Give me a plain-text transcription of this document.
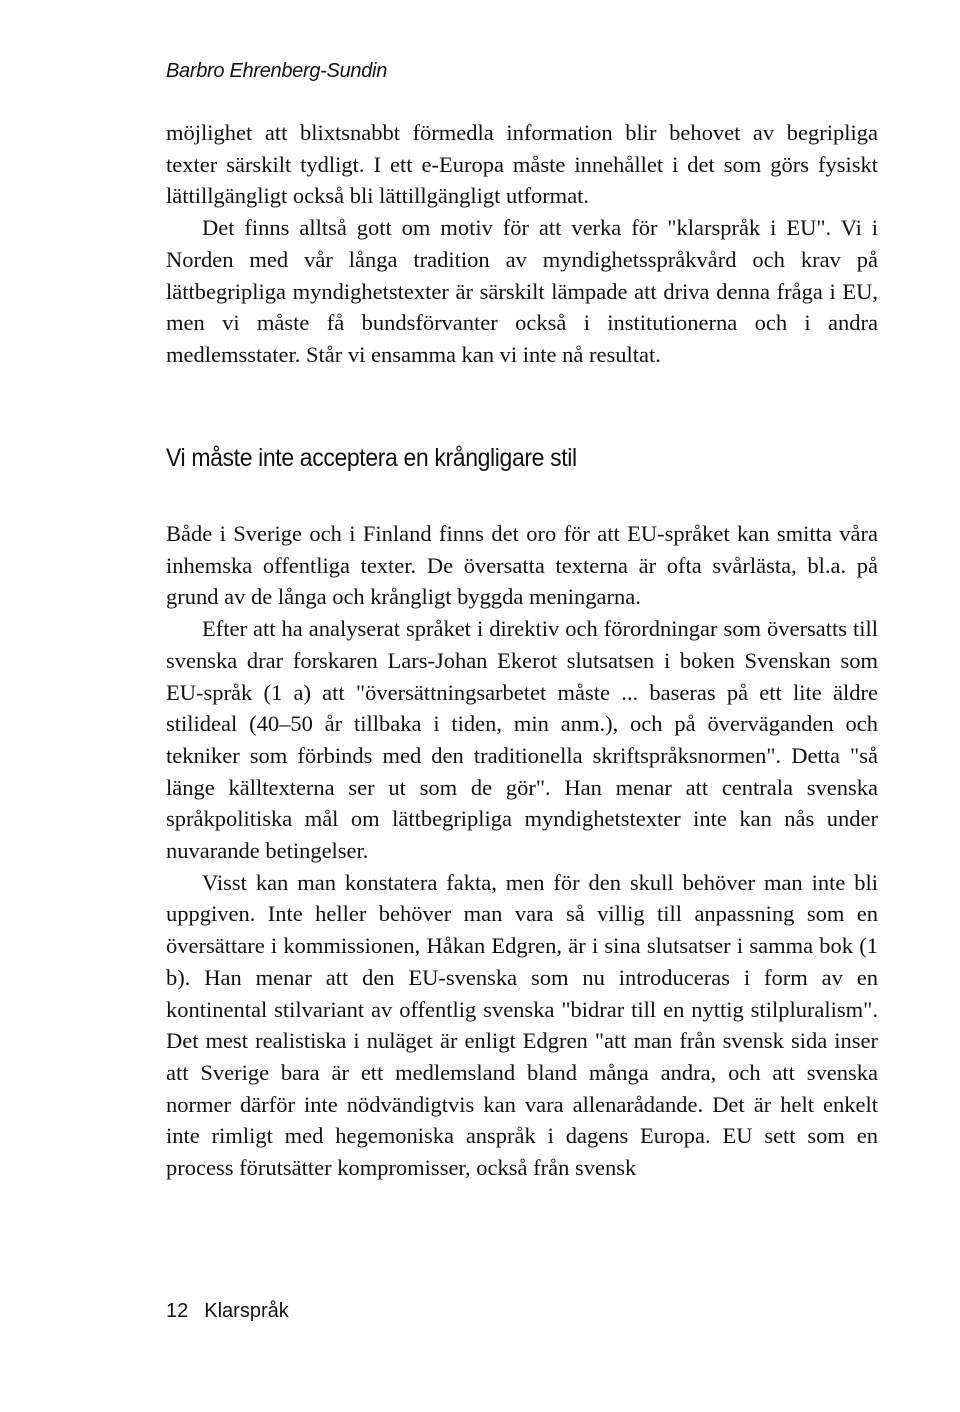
Barbro Ehrenberg-Sundin

möjlighet att blixtsnabbt förmedla information blir behovet av begripliga texter särskilt tydligt. I ett e-Europa måste innehållet i det som görs fysiskt lättillgängligt också bli lättillgängligt utformat.

Det finns alltså gott om motiv för att verka för "klarspråk i EU". Vi i Norden med vår långa tradition av myndighetsspråkvård och krav på lättbegripliga myndighetstexter är särskilt lämpade att driva denna fråga i EU, men vi måste få bundsförvanter också i institutionerna och i andra medlemsstater. Står vi ensamma kan vi inte nå resultat.

Vi måste inte acceptera en krångligare stil

Både i Sverige och i Finland finns det oro för att EU-språket kan smitta våra inhemska offentliga texter. De översatta texterna är ofta svårlästa, bl.a. på grund av de långa och krångligt byggda meningarna.

Efter att ha analyserat språket i direktiv och förordningar som översatts till svenska drar forskaren Lars-Johan Ekerot slutsatsen i boken Svenskan som EU-språk (1 a) att "översättningsarbetet måste ... baseras på ett lite äldre stilideal (40–50 år tillbaka i tiden, min anm.), och på överväganden och tekniker som förbinds med den traditionella skriftspråksnormen". Detta "så länge källtexterna ser ut som de gör". Han menar att centrala svenska språkpolitiska mål om lättbegripliga myndighetstexter inte kan nås under nuvarande betingelser.

Visst kan man konstatera fakta, men för den skull behöver man inte bli uppgiven. Inte heller behöver man vara så villig till anpassning som en översättare i kommissionen, Håkan Edgren, är i sina slutsatser i samma bok (1 b). Han menar att den EU-svenska som nu introduceras i form av en kontinental stilvariant av offentlig svenska "bidrar till en nyttig stilpluralism". Det mest realistiska i nuläget är enligt Edgren "att man från svensk sida inser att Sverige bara är ett medlemsland bland många andra, och att svenska normer därför inte nödvändigtvis kan vara allenarådande. Det är helt enkelt inte rimligt med hegemoniska anspråk i dagens Europa. EU sett som en process förutsätter kompromisser, också från svensk

12 Klarspråk
